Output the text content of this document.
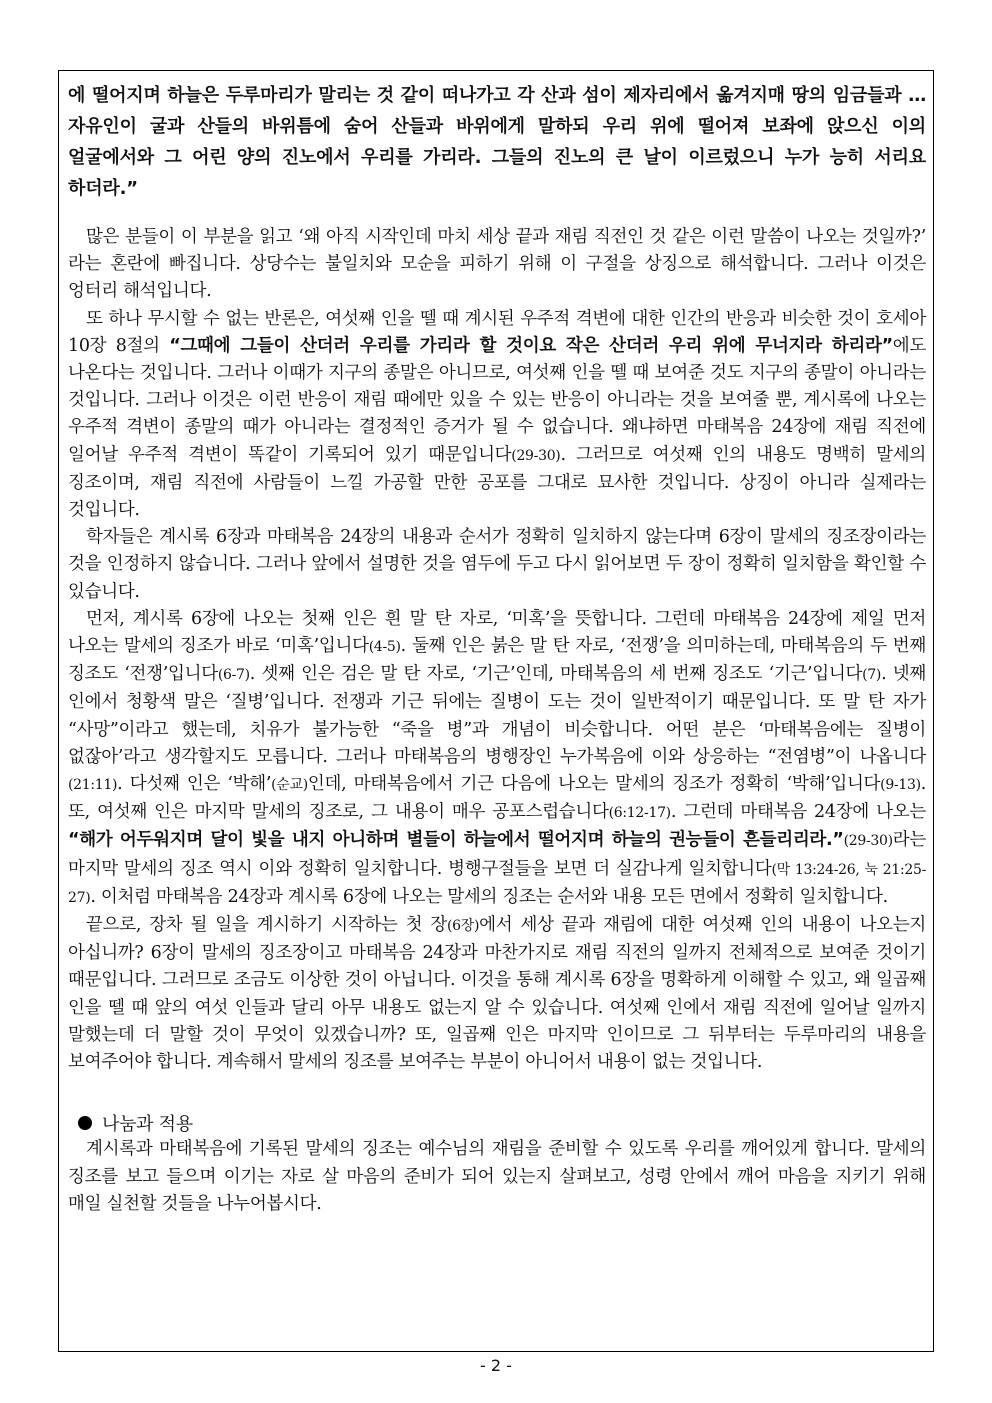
에 떨어지며 하늘은 두루마리가 말리는 것 같이 떠나가고 각 산과 섬이 제자리에서 옮겨지매 땅의 임금들과 … 자유인이 굴과 산들의 바위틈에 숨어 산들과 바위에게 말하되 우리 위에 떨어져 보좌에 앉으신 이의 얼굴에서와 그 어린 양의 진노에서 우리를 가리라. 그들의 진노의 큰 날이 이르렀으니 누가 능히 서리요 하더라.”

많은 분들이 이 부분을 읽고 ‘왜 아직 시작인데 마치 세상 끝과 재림 직전인 것 같은 이런 말씀이 나오는 것일까?’ 라는 혼란에 빠집니다. 상당수는 불일치와 모순을 피하기 위해 이 구절을 상징으로 해석합니다. 그러나 이것은 엉터리 해석입니다.

또 하나 무시할 수 없는 반론은, 여섯째 인을 뗄 때 계시된 우주적 격변에 대한 인간의 반응과 비슷한 것이 호세아 10장 8절의 “그때에 그들이 산더러 우리를 가리라 할 것이요 작은 산더러 우리 위에 무너지라 하리라”에도 나온다는 것입니다. 그러나 이때가 지구의 종말은 아니므로, 여섯째 인을 뗄 때 보여준 것도 지구의 종말이 아니라는 것입니다. 그러나 이것은 이런 반응이 재림 때에만 있을 수 있는 반응이 아니라는 것을 보여줄 뿐, 계시록에 나오는 우주적 격변이 종말의 때가 아니라는 결정적인 증거가 될 수 없습니다. 왜냐하면 마태복음 24장에 재림 직전에 일어날 우주적 격변이 똑같이 기록되어 있기 때문입니다(29-30). 그러므로 여섯째 인의 내용도 명백히 말세의 징조이며, 재림 직전에 사람들이 느낄 가공할 만한 공포를 그대로 묘사한 것입니다. 상징이 아니라 실제라는 것입니다.

학자들은 계시록 6장과 마태복음 24장의 내용과 순서가 정확히 일치하지 않는다며 6장이 말세의 징조장이라는 것을 인정하지 않습니다. 그러나 앞에서 설명한 것을 염두에 두고 다시 읽어보면 두 장이 정확히 일치함을 확인할 수 있습니다.

먼저, 계시록 6장에 나오는 첫째 인은 흰 말 탄 자로, ‘미혹’을 뜻합니다. 그런데 마태복음 24장에 제일 먼저 나오는 말세의 징조가 바로 ‘미혹’입니다(4-5). 둘째 인은 붉은 말 탄 자로, ‘전쟁’을 의미하는데, 마태복음의 두 번째 징조도 ‘전쟁’입니다(6-7). 셋째 인은 검은 말 탄 자로, ‘기근’인데, 마태복음의 세 번째 징조도 ‘기근’입니다(7). 넷째 인에서 청황색 말은 ‘질병’입니다. 전쟁과 기근 뒤에는 질병이 도는 것이 일반적이기 때문입니다. 또 말 탄 자가 “사망”이라고 했는데, 치유가 불가능한 “죽을 병”과 개념이 비슷합니다. 어떤 분은 ‘마태복음에는 질병이 없잖아’라고 생각할지도 모릅니다. 그러나 마태복음의 병행장인 누가복음에 이와 상응하는 “전염병”이 나옵니다(21:11). 다섯째 인은 ‘박해’(순교)인데, 마태복음에서 기근 다음에 나오는 말세의 징조가 정확히 ‘박해’입니다(9-13). 또, 여섯째 인은 마지막 말세의 징조로, 그 내용이 매우 공포스럽습니다(6:12-17). 그런데 마태복음 24장에 나오는 “해가 어두워지며 달이 빛을 내지 아니하며 별들이 하늘에서 떨어지며 하늘의 권능들이 흔들리리라.”(29-30)라는 마지막 말세의 징조 역시 이와 정확히 일치합니다. 병행구절들을 보면 더 실감나게 일치합니다(막 13:24-26, 눅 21:25-27). 이처럼 마태복음 24장과 계시록 6장에 나오는 말세의 징조는 순서와 내용 모든 면에서 정확히 일치합니다.

끝으로, 장차 될 일을 계시하기 시작하는 첫 장(6장)에서 세상 끝과 재림에 대한 여섯째 인의 내용이 나오는지 아십니까? 6장이 말세의 징조장이고 마태복음 24장과 마찬가지로 재림 직전의 일까지 전체적으로 보여준 것이기 때문입니다. 그러므로 조금도 이상한 것이 아닙니다. 이것을 통해 계시록 6장을 명확하게 이해할 수 있고, 왜 일곱째 인을 뗄 때 앞의 여섯 인들과 달리 아무 내용도 없는지 알 수 있습니다. 여섯째 인에서 재림 직전에 일어날 일까지 말했는데 더 말할 것이 무엇이 있겠습니까? 또, 일곱째 인은 마지막 인이므로 그 뒤부터는 두루마리의 내용을 보여주어야 합니다. 계속해서 말세의 징조를 보여주는 부분이 아니어서 내용이 없는 것입니다.

나눔과 적용

계시록과 마태복음에 기록된 말세의 징조는 예수님의 재림을 준비할 수 있도록 우리를 깨어있게 합니다. 말세의 징조를 보고 들으며 이기는 자로 살 마음의 준비가 되어 있는지 살펴보고, 성령 안에서 깨어 마음을 지키기 위해 매일 실천할 것들을 나누어봅시다.

- 2 -
